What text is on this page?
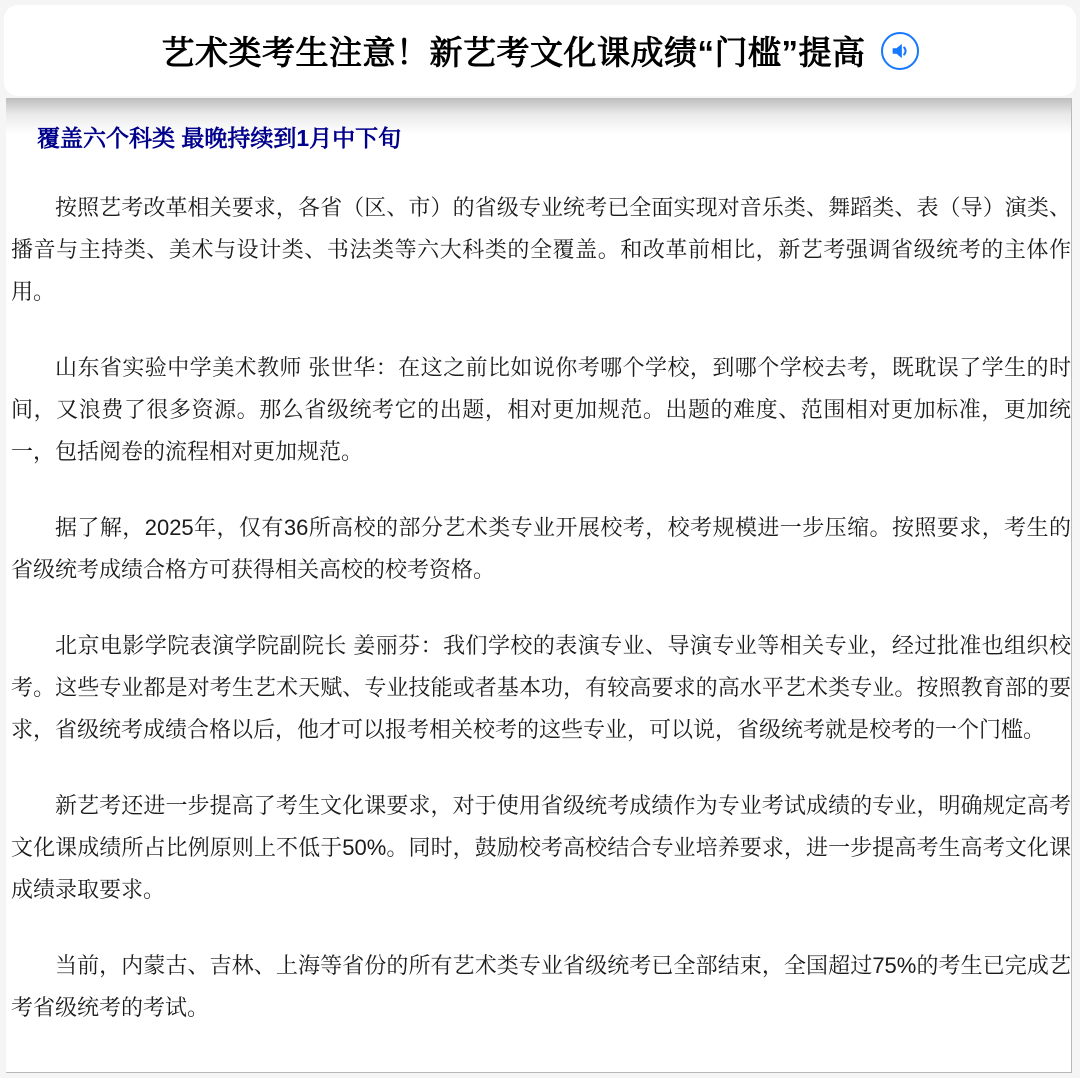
艺术类考生注意！新艺考文化课成绩“门槛”提高
覆盖六个科类 最晚持续到1月中下旬

按照艺考改革相关要求，各省（区、市）的省级专业统考已全面实现对音乐类、舞蹈类、表（导）演类、播音与主持类、美术与设计类、书法类等六大科类的全覆盖。和改革前相比，新艺考强调省级统考的主体作用。

山东省实验中学美术教师 张世华：在这之前比如说你考哪个学校，到哪个学校去考，既耽误了学生的时间，又浪费了很多资源。那么省级统考它的出题，相对更加规范。出题的难度、范围相对更加标准，更加统一，包括阅卷的流程相对更加规范。

据了解，2025年，仅有36所高校的部分艺术类专业开展校考，校考规模进一步压缩。按照要求，考生的省级统考成绩合格方可获得相关高校的校考资格。

北京电影学院表演学院副院长 姜丽芬：我们学校的表演专业、导演专业等相关专业，经过批准也组织校考。这些专业都是对考生艺术天赋、专业技能或者基本功，有较高要求的高水平艺术类专业。按照教育部的要求，省级统考成绩合格以后，他才可以报考相关校考的这些专业，可以说，省级统考就是校考的一个门槛。

新艺考还进一步提高了考生文化课要求，对于使用省级统考成绩作为专业考试成绩的专业，明确规定高考文化课成绩所占比例原则上不低于50%。同时，鼓励校考高校结合专业培养要求，进一步提高考生高考文化课成绩录取要求。

当前，内蒙古、吉林、上海等省份的所有艺术类专业省级统考已全部结束，全国超过75%的考生已完成艺考省级统考的考试。
